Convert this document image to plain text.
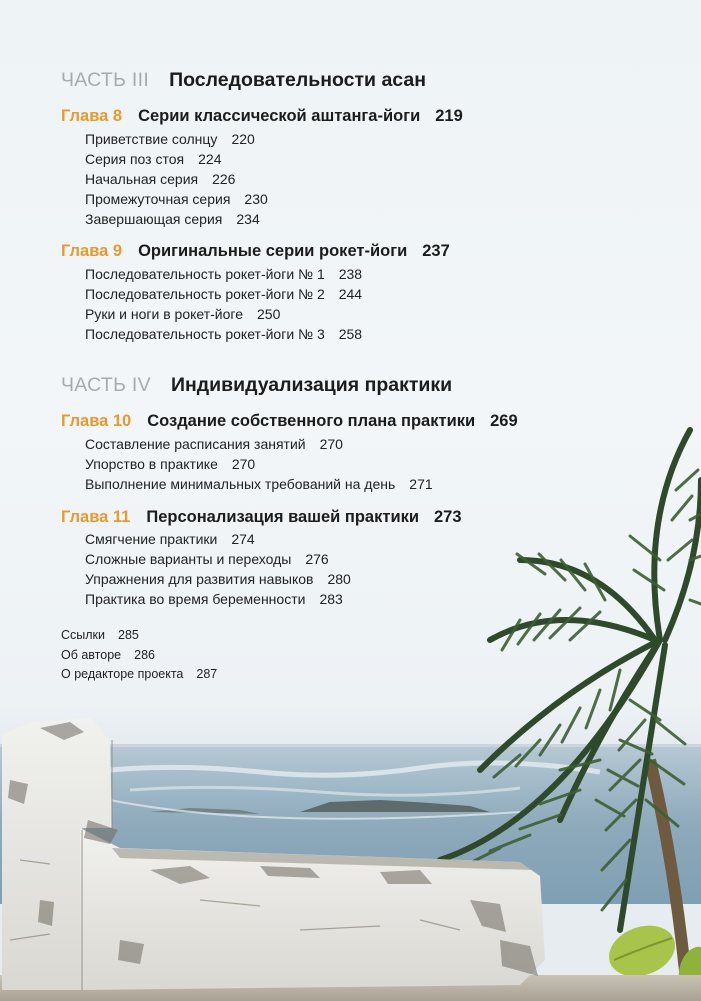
ЧАСТЬ III Последовательности асан
Глава 8 Серии классической аштанга-йоги 219
Приветствие солнцу 220
Серия поз стоя 224
Начальная серия 226
Промежуточная серия 230
Завершающая серия 234
Глава 9 Оригинальные серии рокет-йоги 237
Последовательность рокет-йоги № 1 238
Последовательность рокет-йоги № 2 244
Руки и ноги в рокет-йоге 250
Последовательность рокет-йоги № 3 258
ЧАСТЬ IV Индивидуализация практики
Глава 10 Создание собственного плана практики 269
Составление расписания занятий 270
Упорство в практике 270
Выполнение минимальных требований на день 271
Глава 11 Персонализация вашей практики 273
Смягчение практики 274
Сложные варианты и переходы 276
Упражнения для развития навыков 280
Практика во время беременности 283
Ссылки 285
Об авторе 286
О редакторе проекта 287
